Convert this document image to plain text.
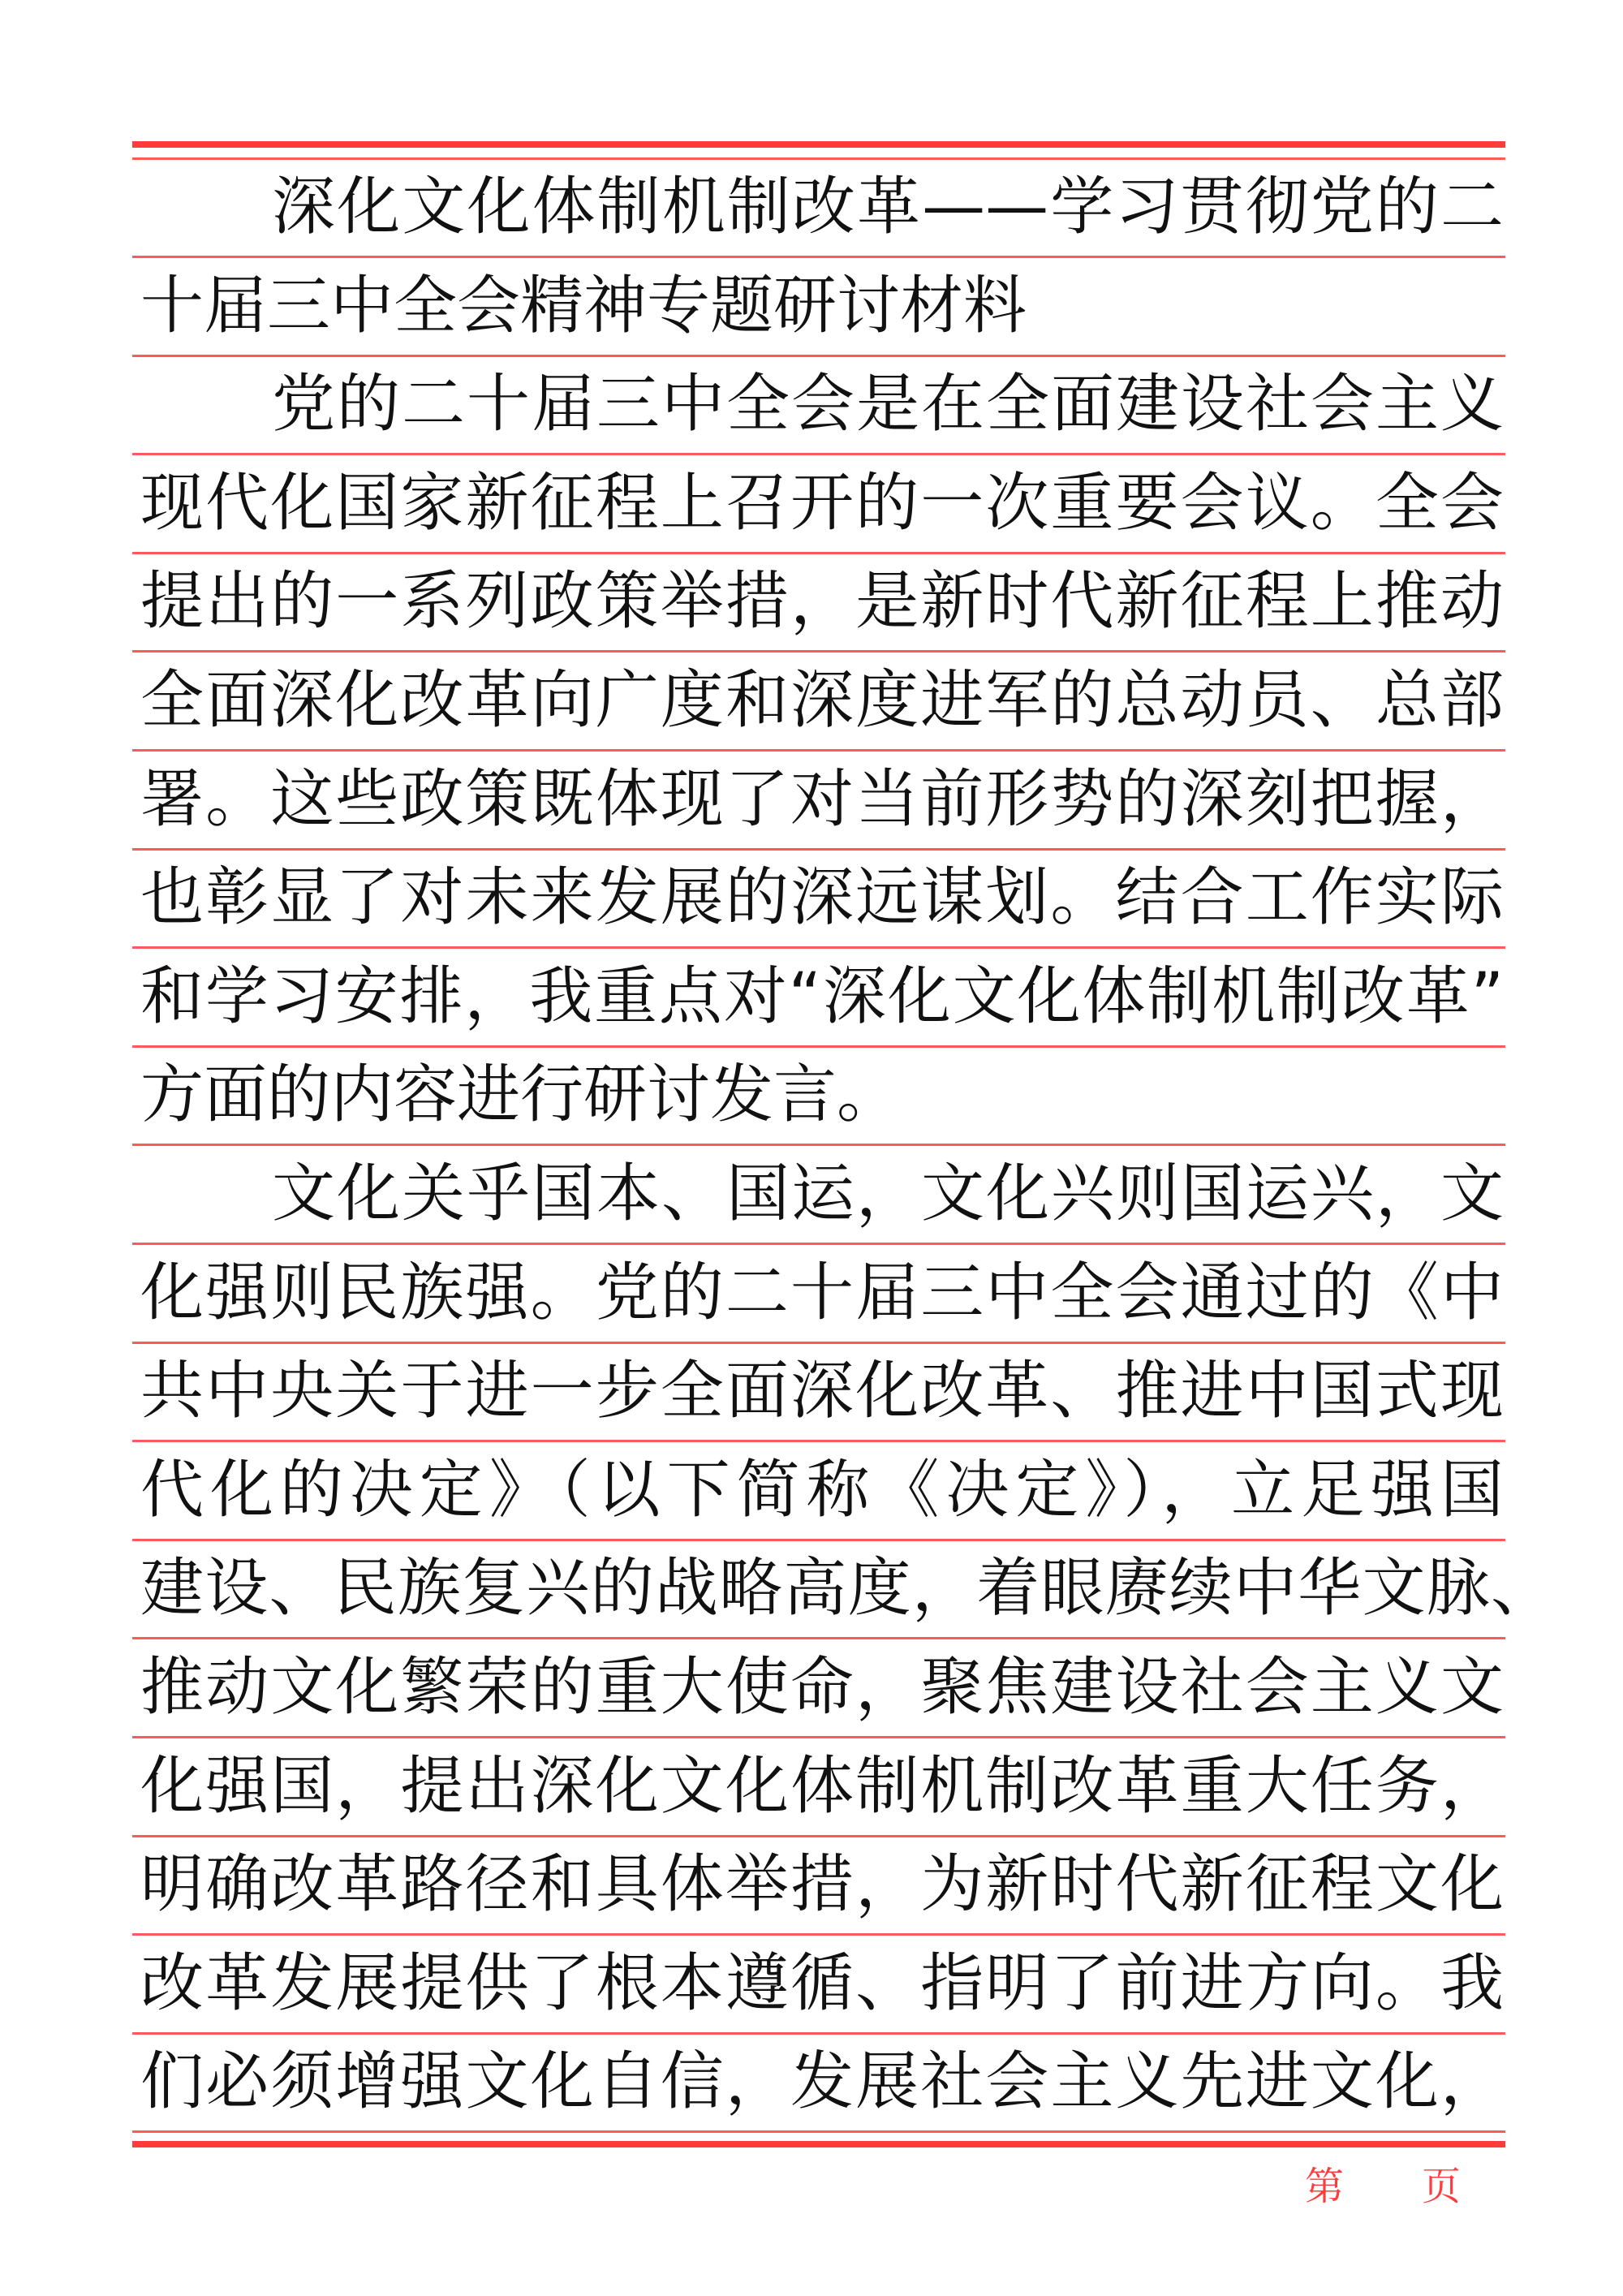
深化文化体制机制改革——学习贯彻党的二
十届三中全会精神专题研讨材料
党的二十届三中全会是在全面建设社会主义
现代化国家新征程上召开的一次重要会议。全会
提出的一系列政策举措，是新时代新征程上推动
全面深化改革向广度和深度进军的总动员、总部
署。这些政策既体现了对当前形势的深刻把握，
也彰显了对未来发展的深远谋划。结合工作实际
和学习安排，我重点对“深化文化体制机制改革”
方面的内容进行研讨发言。
文化关乎国本、国运，文化兴则国运兴，文
化强则民族强。党的二十届三中全会通过的《中
共中央关于进一步全面深化改革、推进中国式现
代化的决定》（以下简称《决定》），立足强国
建设、民族复兴的战略高度，着眼赓续中华文脉、
推动文化繁荣的重大使命，聚焦建设社会主义文
化强国，提出深化文化体制机制改革重大任务，
明确改革路径和具体举措，为新时代新征程文化
改革发展提供了根本遵循、指明了前进方向。我
们必须增强文化自信，发展社会主义先进文化，
第 页
